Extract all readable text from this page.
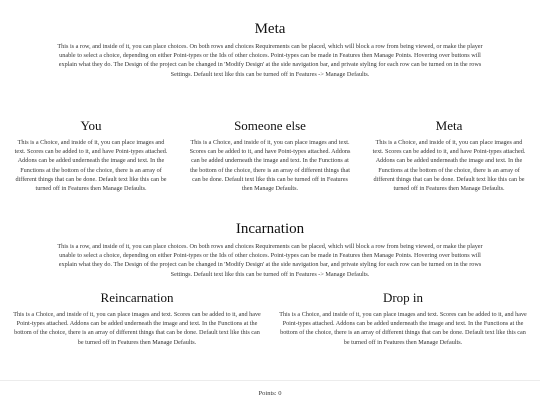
Meta

This is a row, and inside of it, you can place choices. On both rows and choices Requirements can be placed, which will block a row from being viewed, or make the player unable to select a choice, depending on either Point-types or the Ids of other choices. Point-types can be made in Features then Manage Points. Hovering over buttons will explain what they do. The Design of the project can be changed in 'Modify Design' at the side navigation bar, and private styling for each row can be turned on in the rows Settings. Default text like this can be turned off in Features -> Manage Defaults.

You

This is a Choice, and inside of it, you can place images and text. Scores can be added to it, and have Point-types attached. Addons can be added underneath the image and text. In the Functions at the bottom of the choice, there is an array of different things that can be done. Default text like this can be turned off in Features then Manage Defaults.

Someone else

This is a Choice, and inside of it, you can place images and text. Scores can be added to it, and have Point-types attached. Addons can be added underneath the image and text. In the Functions at the bottom of the choice, there is an array of different things that can be done. Default text like this can be turned off in Features then Manage Defaults.

Meta

This is a Choice, and inside of it, you can place images and text. Scores can be added to it, and have Point-types attached. Addons can be added underneath the image and text. In the Functions at the bottom of the choice, there is an array of different things that can be done. Default text like this can be turned off in Features then Manage Defaults.

Incarnation

This is a row, and inside of it, you can place choices. On both rows and choices Requirements can be placed, which will block a row from being viewed, or make the player unable to select a choice, depending on either Point-types or the Ids of other choices. Point-types can be made in Features then Manage Points. Hovering over buttons will explain what they do. The Design of the project can be changed in 'Modify Design' at the side navigation bar, and private styling for each row can be turned on in the rows Settings. Default text like this can be turned off in Features -> Manage Defaults.

Reincarnation

This is a Choice, and inside of it, you can place images and text. Scores can be added to it, and have Point-types attached. Addons can be added underneath the image and text. In the Functions at the bottom of the choice, there is an array of different things that can be done. Default text like this can be turned off in Features then Manage Defaults.

Drop in

This is a Choice, and inside of it, you can place images and text. Scores can be added to it, and have Point-types attached. Addons can be added underneath the image and text. In the Functions at the bottom of the choice, there is an array of different things that can be done. Default text like this can be turned off in Features then Manage Defaults.

Points: 0
